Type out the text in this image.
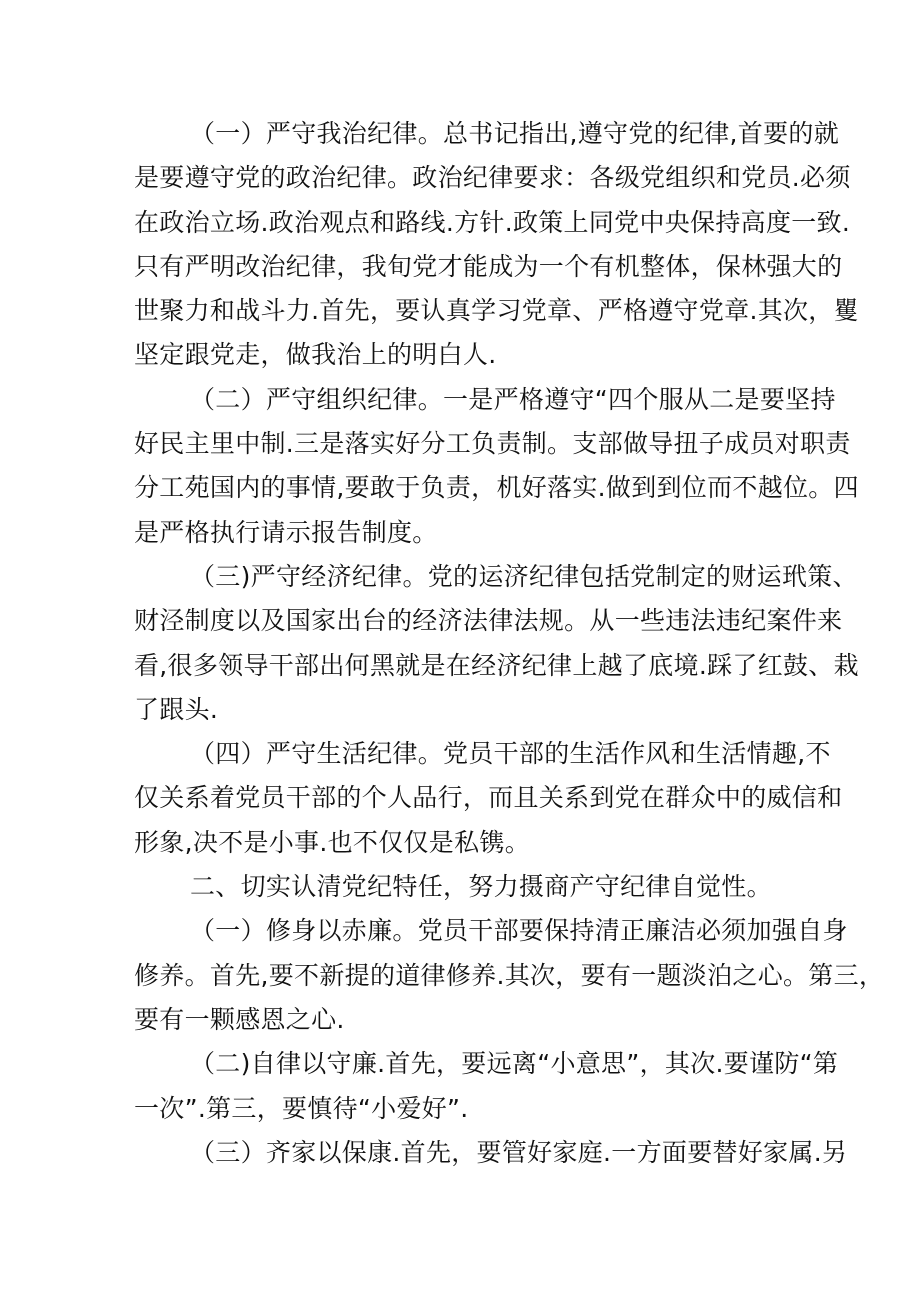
（一）严守我治纪律。总书记指出,遵守党的纪律,首要的就
是要遵守党的政治纪律。政治纪律要求：各级党组织和党员.必须
在政治立场.政治观点和路线.方针.政策上同党中央保持高度一致.
只有严明改治纪律，我旬党才能成为一个有机整体，保林强大的
世聚力和战斗力.首先，要认真学习党章、严格遵守党章.其次，矍
坚定跟党走，做我治上的明白人.
（二）严守组织纪律。一是严格遵守“四个服从二是要坚持
好民主里中制.三是落实好分工负责制。支部做导扭子成员对职责
分工苑国内的事情,要敢于负责，机好落实.做到到位而不越位。四
是严格执行请示报告制度。
（三)严守经济纪律。党的运济纪律包括党制定的财运玳策、
财泾制度以及国家出台的经济法律法规。从一些违法违纪案件来
看,很多领导干部出何黑就是在经济纪律上越了底境.踩了红鼓、栽
了跟头.
（四）严守生活纪律。党员干部的生活作风和生活情趣,不
仅关系着党员干部的个人品行，而且关系到党在群众中的威信和
形象,决不是小事.也不仅仅是私镌。
二、切实认清党纪特任，努力摄商产守纪律自觉性。
（一）修身以赤廉。党员干部要保持清正廉洁必须加强自身
修养。首先,要不新提的道律修养.其次，要有一题淡泊之心。第三，
要有一颗感恩之心.
（二)自律以守廉.首先，要远离“小意思”，其次.要谨防“第
一次”.第三，要慎待“小爱好”.
（三）齐家以保康.首先，要管好家庭.一方面要替好家属.另
